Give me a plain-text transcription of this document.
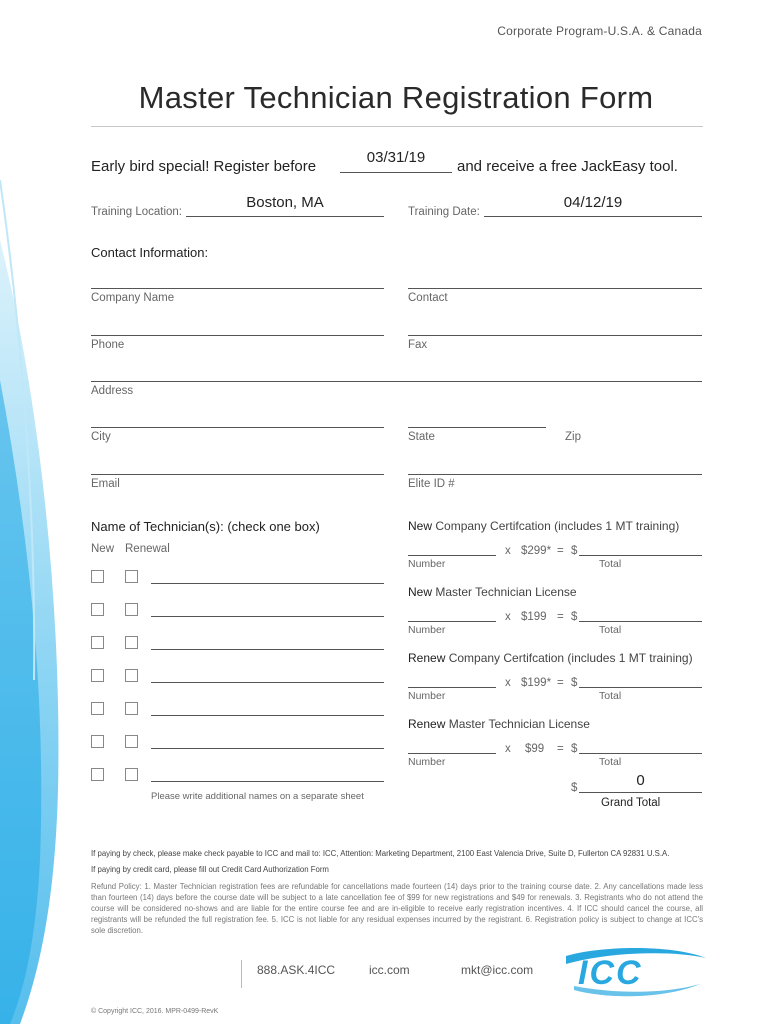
Corporate Program-U.S.A. & Canada
Master Technician Registration Form
Early bird special! Register before
03/31/19
and receive a free JackEasy tool.
Training Location:
Boston, MA
Training Date:
04/12/19
Contact Information:
Company Name	Contact
Phone	Fax
Address
City	State	Zip
Email	Elite ID #
Name of Technician(s): (check one box)
New Renewal
Please write additional names on a separate sheet
New Company Certifcation (includes 1 MT training)
x $299* = $
Number	Total
New Master Technician License
x $199 = $
Number	Total
Renew Company Certifcation (includes 1 MT training)
x $199* = $
Number	Total
Renew Master Technician License
x $99 = $
Number	Total
$	0
Grand Total
If paying by check, please make check payable to ICC and mail to: ICC, Attention: Marketing Department, 2100 East Valencia Drive, Suite D, Fullerton CA 92831 U.S.A.
If paying by credit card, please fill out Credit Card Authorization Form
Refund Policy: 1. Master Technician registration fees are refundable for cancellations made fourteen (14) days prior to the training course date. 2. Any cancellations made less than fourteen (14) days before the course date will be subject to a late cancellation fee of $99 for new registrations and $49 for renewals. 3. Registrants who do not attend the course will be considered no-shows and are liable for the entire course fee and are in-eligible to receive early registration incentives. 4. If ICC should cancel the course, all registrants will be refunded the full registration fee. 5. ICC is not liable for any residual expenses incurred by the registrant. 6. Registration policy is subject to change at ICC's sole discretion.
888.ASK.4ICC	icc.com	mkt@icc.com ICC
© Copyright ICC, 2016. MPR-0499-RevK
